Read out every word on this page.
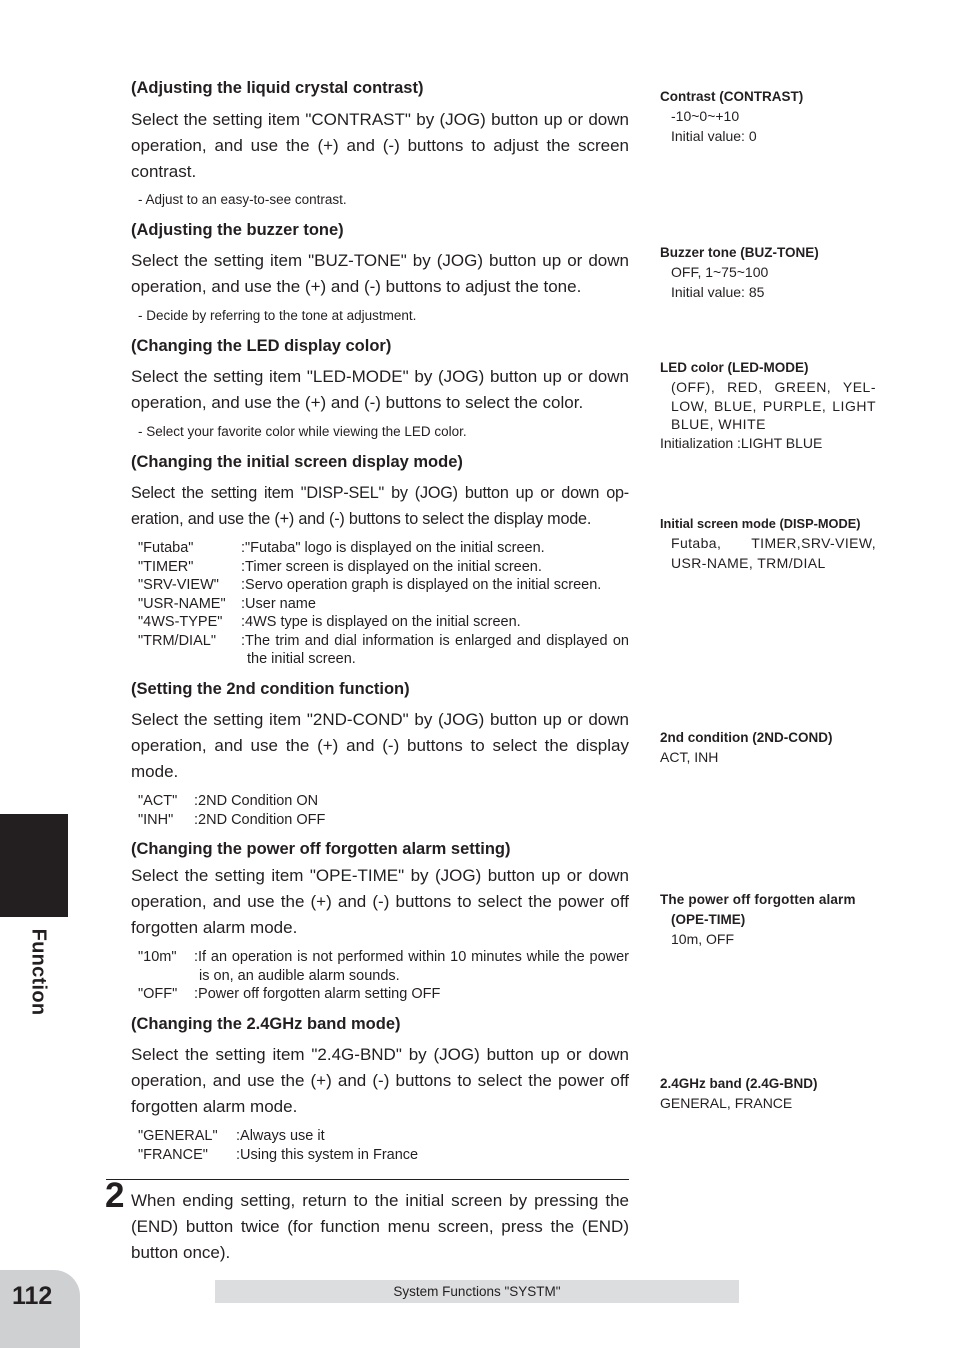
(Adjusting the liquid crystal contrast)
Select the setting item "CONTRAST" by (JOG) button up or down operation, and use the (+) and (-) buttons to adjust the screen contrast.
- Adjust to an easy-to-see contrast.
(Adjusting the buzzer tone)
Select the setting item "BUZ-TONE" by (JOG) button up or down operation, and use the (+) and (-) buttons to adjust the tone.
- Decide by referring to the tone at adjustment.
(Changing the LED display color)
Select the setting item "LED-MODE" by (JOG) button up or down operation, and use the (+) and (-) buttons to select the color.
- Select your favorite color while viewing the LED color.
(Changing the initial screen display mode)
Select the setting item "DISP-SEL" by (JOG) button up or down op-eration, and use the (+) and (-) buttons to select the display mode.
"Futaba"	:"Futaba" logo is displayed on the initial screen.
"TIMER"	:Timer screen is displayed on the initial screen.
"SRV-VIEW"	:Servo operation graph is displayed on the initial screen.
"USR-NAME"	:User name
"4WS-TYPE"	:4WS type is displayed on the initial screen.
"TRM/DIAL"	:The trim and dial information is enlarged and displayed on the initial screen.
(Setting the 2nd condition function)
Select the setting item "2ND-COND" by (JOG) button up or down operation, and use the (+) and (-) buttons to select the display mode.
"ACT"	:2ND Condition ON
"INH"	:2ND Condition OFF
(Changing the power off forgotten alarm setting)
Select the setting item "OPE-TIME" by (JOG) button up or down operation, and use the (+) and (-) buttons to select the power off forgotten alarm mode.
"10m"	:If an operation is not performed within 10 minutes while the power is on, an audible alarm sounds.
"OFF"	:Power off forgotten alarm setting OFF
(Changing the 2.4GHz band mode)
Select the setting item "2.4G-BND" by (JOG) button up or down operation, and use the (+) and (-) buttons to select the power off forgotten alarm mode.
"GENERAL"	:Always use it
"FRANCE"	:Using this system in France
2 When ending setting, return to the initial screen by pressing the (END) button twice (for function menu screen, press the (END) button once).
Contrast (CONTRAST)
-10~0~+10
Initial value: 0
Buzzer tone (BUZ-TONE)
OFF, 1~75~100
Initial value: 85
LED color (LED-MODE)
(OFF), RED, GREEN, YEL-LOW, BLUE, PURPLE, LIGHT BLUE, WHITE
Initialization :LIGHT BLUE
Initial screen mode (DISP-MODE)
Futaba, TIMER,SRV-VIEW, USR-NAME, TRM/DIAL
2nd condition (2ND-COND)
ACT, INH
The power off forgotten alarm
(OPE-TIME)
10m, OFF
2.4GHz band (2.4G-BND)
GENERAL, FRANCE
Function
112	System Functions "SYSTM"
